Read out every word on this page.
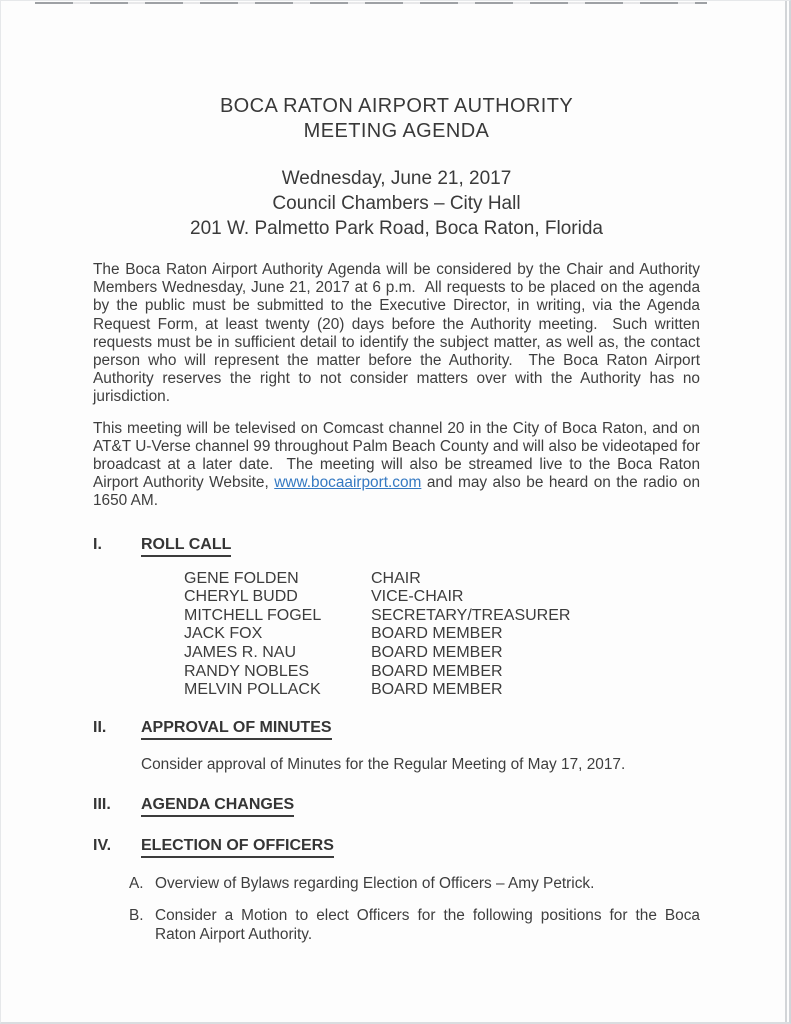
BOCA RATON AIRPORT AUTHORITY
MEETING AGENDA
Wednesday, June 21, 2017
Council Chambers – City Hall
201 W. Palmetto Park Road, Boca Raton, Florida

The Boca Raton Airport Authority Agenda will be considered by the Chair and Authority Members Wednesday, June 21, 2017 at 6 p.m.  All requests to be placed on the agenda by the public must be submitted to the Executive Director, in writing, via the Agenda Request Form, at least twenty (20) days before the Authority meeting.  Such written requests must be in sufficient detail to identify the subject matter, as well as, the contact person who will represent the matter before the Authority.  The Boca Raton Airport Authority reserves the right to not consider matters over with the Authority has no jurisdiction.

This meeting will be televised on Comcast channel 20 in the City of Boca Raton, and on AT&T U-Verse channel 99 throughout Palm Beach County and will also be videotaped for broadcast at a later date.  The meeting will also be streamed live to the Boca Raton Airport Authority Website, www.bocaairport.com and may also be heard on the radio on 1650 AM.

I.	ROLL CALL
GENE FOLDEN	CHAIR
CHERYL BUDD	VICE-CHAIR
MITCHELL FOGEL	SECRETARY/TREASURER
JACK FOX	BOARD MEMBER
JAMES R. NAU	BOARD MEMBER
RANDY NOBLES	BOARD MEMBER
MELVIN POLLACK	BOARD MEMBER
II.	APPROVAL OF MINUTES
Consider approval of Minutes for the Regular Meeting of May 17, 2017.
III.	AGENDA CHANGES
IV.	ELECTION OF OFFICERS
A. Overview of Bylaws regarding Election of Officers – Amy Petrick.
B. Consider a Motion to elect Officers for the following positions for the Boca Raton Airport Authority.
